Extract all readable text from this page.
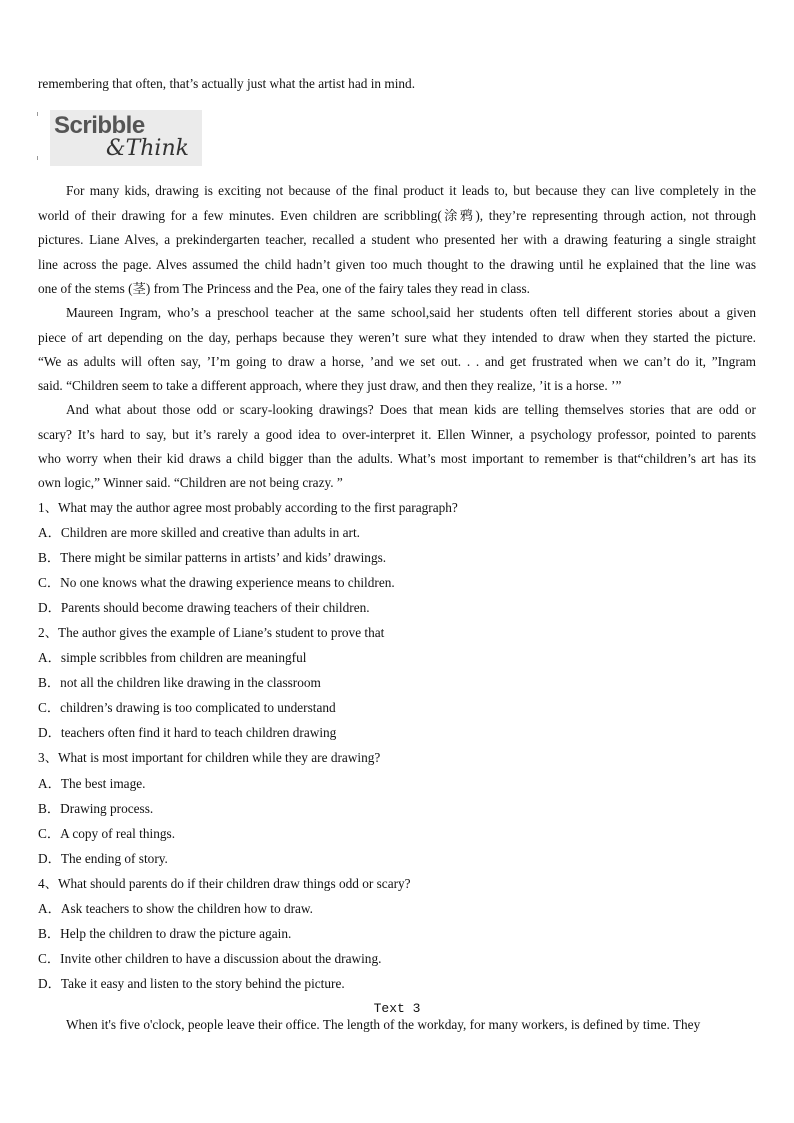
remembering that often, that’s actually just what the artist had in mind.
Scribble
&Think
For many kids, drawing is exciting not because of the final product it leads to, but because they can live completely in the
world of their drawing for a few minutes. Even children are scribbling(涂鸦), they’re representing through action, not through
pictures. Liane Alves, a prekindergarten teacher, recalled a student who presented her with a drawing featuring a single straight
line across the page. Alves assumed the child hadn’t given too much thought to the drawing until he explained that the line was
one of the stems (茎) from The Princess and the Pea, one of the fairy tales they read in class.
Maureen Ingram, who’s a preschool teacher at the same school,said her students often tell different stories about a given
piece of art depending on the day, perhaps because they weren’t sure what they intended to draw when they started the picture.
“We as adults will often say, ’I’m going to draw a horse, ’and we set out. . . and get frustrated when we can’t do it, ”Ingram
said. “Children seem to take a different approach, where they just draw, and then they realize, ’it is a horse. ’”
And what about those odd or scary-looking drawings? Does that mean kids are telling themselves stories that are odd or
scary? It’s hard to say, but it’s rarely a good idea to over-interpret it. Ellen Winner, a psychology professor, pointed to parents
who worry when their kid draws a child bigger than the adults. What’s most important to remember is that“children’s art has its
own logic,” Winner said. “Children are not being crazy. ”
1、What may the author agree most probably according to the first paragraph?
A．Children are more skilled and creative than adults in art.
B．There might be similar patterns in artists’ and kids’ drawings.
C．No one knows what the drawing experience means to children.
D．Parents should become drawing teachers of their children.
2、The author gives the example of Liane’s student to prove that
A．simple scribbles from children are meaningful
B．not all the children like drawing in the classroom
C．children’s drawing is too complicated to understand
D．teachers often find it hard to teach children drawing
3、What is most important for children while they are drawing?
A．The best image.
B．Drawing process.
C．A copy of real things.
D．The ending of story.
4、What should parents do if their children draw things odd or scary?
A．Ask teachers to show the children how to draw.
B．Help the children to draw the picture again.
C．Invite other children to have a discussion about the drawing.
D．Take it easy and listen to the story behind the picture.
Text 3
When it's five o'clock, people leave their office. The length of the workday, for many workers, is defined by time. They
